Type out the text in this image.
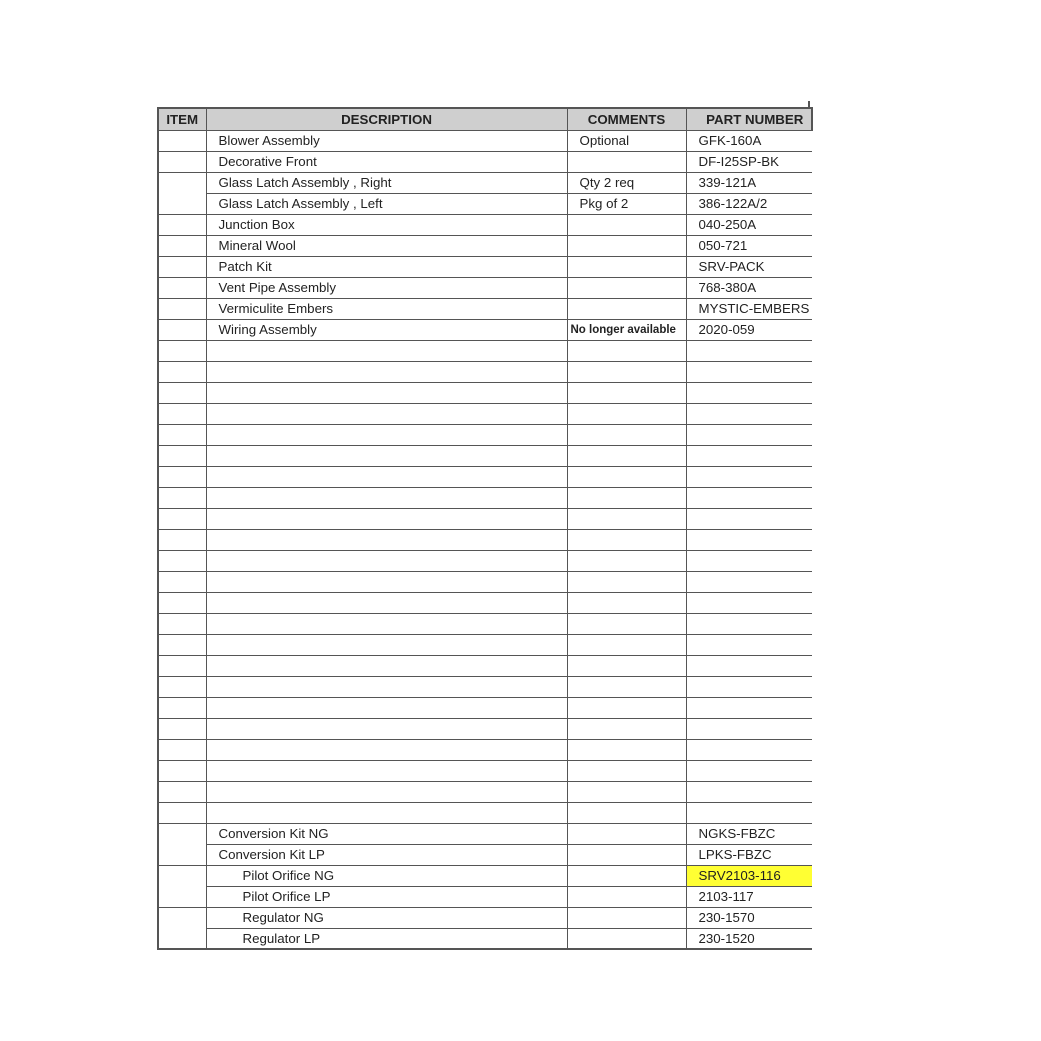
ITEM	DESCRIPTION	COMMENTS	PART NUMBER
	Blower Assembly	Optional	GFK-160A
	Decorative Front		DF-I25SP-BK
	Glass Latch Assembly , Right	Qty 2 req	339-121A
	Glass Latch Assembly , Left	Pkg of 2	386-122A/2
	Junction Box		040-250A
	Mineral Wool		050-721
	Patch Kit		SRV-PACK
	Vent Pipe Assembly		768-380A
	Vermiculite Embers		MYSTIC-EMBERS
	Wiring Assembly	No longer available	2020-059

	Conversion Kit NG		NGKS-FBZC
	Conversion Kit LP		LPKS-FBZC
	Pilot Orifice NG		SRV2103-116
	Pilot Orifice LP		2103-117
	Regulator NG		230-1570
	Regulator LP		230-1520
